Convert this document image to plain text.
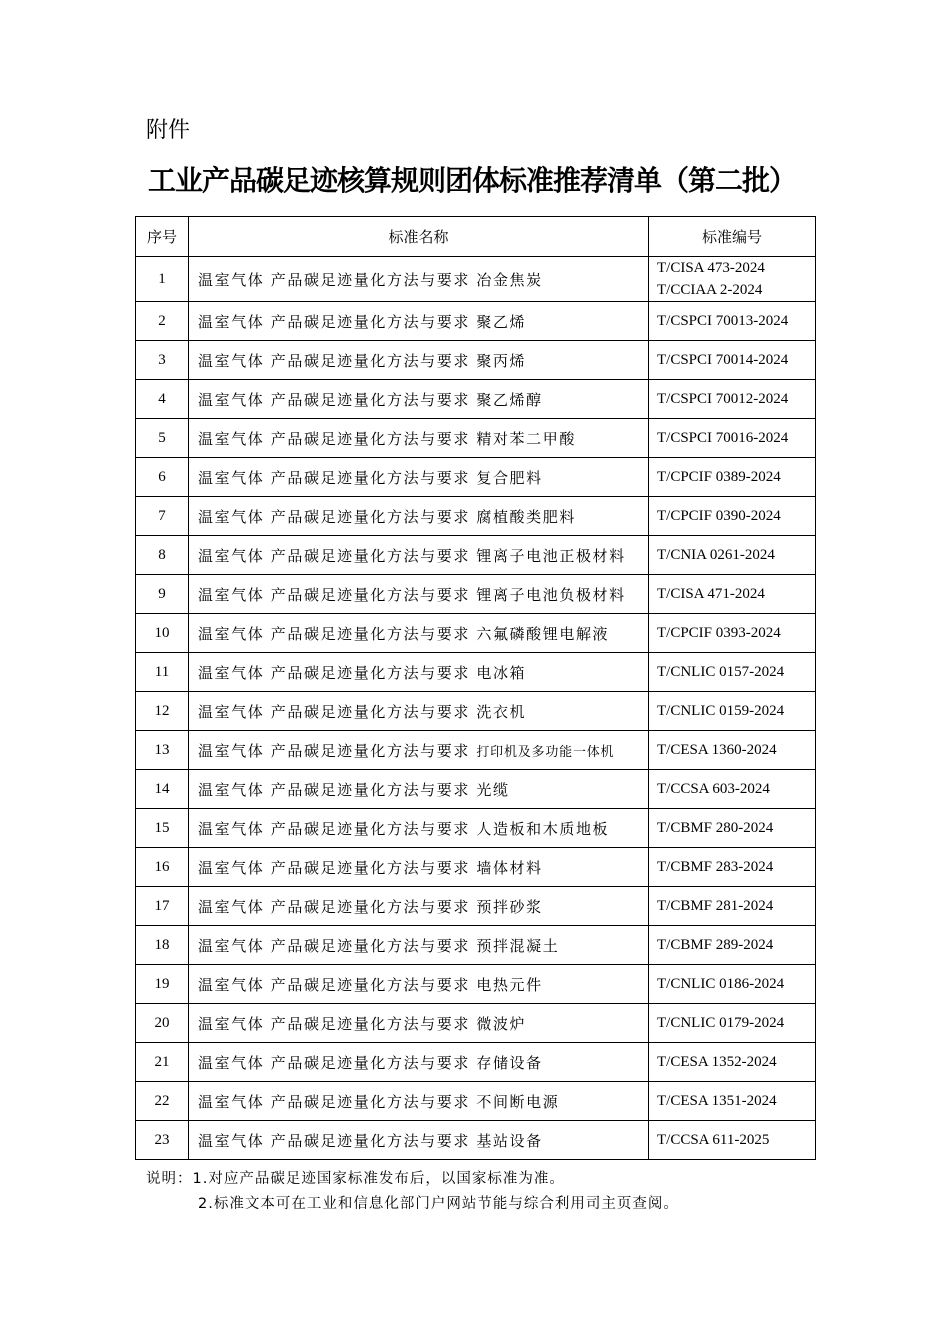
附件
工业产品碳足迹核算规则团体标准推荐清单（第二批）
序号	标准名称	标准编号
1	温室气体 产品碳足迹量化方法与要求 冶金焦炭	T/CISA 473-2024
T/CCIAA 2-2024

2	温室气体 产品碳足迹量化方法与要求 聚乙烯	T/CSPCI 70013-2024

3	温室气体 产品碳足迹量化方法与要求 聚丙烯	T/CSPCI 70014-2024

4	温室气体 产品碳足迹量化方法与要求 聚乙烯醇	T/CSPCI 70012-2024

5	温室气体 产品碳足迹量化方法与要求 精对苯二甲酸	T/CSPCI 70016-2024

6	温室气体 产品碳足迹量化方法与要求 复合肥料	T/CPCIF 0389-2024

7	温室气体 产品碳足迹量化方法与要求 腐植酸类肥料	T/CPCIF 0390-2024

8	温室气体 产品碳足迹量化方法与要求 锂离子电池正极材料	T/CNIA 0261-2024

9	温室气体 产品碳足迹量化方法与要求 锂离子电池负极材料	T/CISA 471-2024

10	温室气体 产品碳足迹量化方法与要求 六氟磷酸锂电解液	T/CPCIF 0393-2024

11	温室气体 产品碳足迹量化方法与要求 电冰箱	T/CNLIC 0157-2024

12	温室气体 产品碳足迹量化方法与要求 洗衣机	T/CNLIC 0159-2024

13	温室气体 产品碳足迹量化方法与要求 打印机及多功能一体机	T/CESA 1360-2024

14	温室气体 产品碳足迹量化方法与要求 光缆	T/CCSA 603-2024

15	温室气体 产品碳足迹量化方法与要求 人造板和木质地板	T/CBMF 280-2024

16	温室气体 产品碳足迹量化方法与要求 墙体材料	T/CBMF 283-2024

17	温室气体 产品碳足迹量化方法与要求 预拌砂浆	T/CBMF 281-2024

18	温室气体 产品碳足迹量化方法与要求 预拌混凝土	T/CBMF 289-2024

19	温室气体 产品碳足迹量化方法与要求 电热元件	T/CNLIC 0186-2024

20	温室气体 产品碳足迹量化方法与要求 微波炉	T/CNLIC 0179-2024

21	温室气体 产品碳足迹量化方法与要求 存储设备	T/CESA 1352-2024

22	温室气体 产品碳足迹量化方法与要求 不间断电源	T/CESA 1351-2024

23	温室气体 产品碳足迹量化方法与要求 基站设备	T/CCSA 611-2025
说明：1.对应产品碳足迹国家标准发布后，以国家标准为准。
2.标准文本可在工业和信息化部门户网站节能与综合利用司主页查阅。
